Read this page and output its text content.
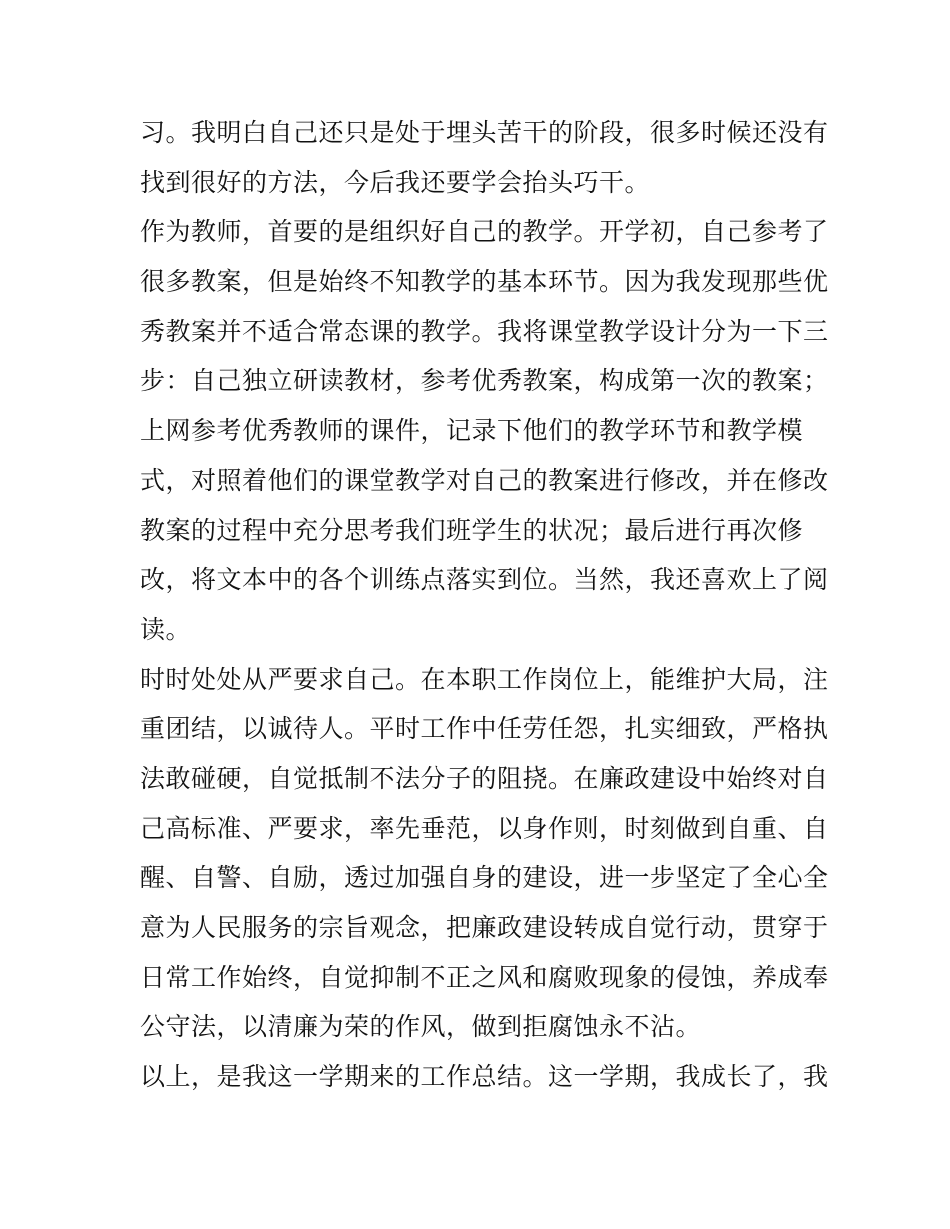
习。我明白自己还只是处于埋头苦干的阶段，很多时候还没有
找到很好的方法，今后我还要学会抬头巧干。
作为教师，首要的是组织好自己的教学。开学初，自己参考了
很多教案，但是始终不知教学的基本环节。因为我发现那些优
秀教案并不适合常态课的教学。我将课堂教学设计分为一下三
步：自己独立研读教材，参考优秀教案，构成第一次的教案；
上网参考优秀教师的课件，记录下他们的教学环节和教学模
式，对照着他们的课堂教学对自己的教案进行修改，并在修改
教案的过程中充分思考我们班学生的状况；最后进行再次修
改，将文本中的各个训练点落实到位。当然，我还喜欢上了阅
读。
时时处处从严要求自己。在本职工作岗位上，能维护大局，注
重团结，以诚待人。平时工作中任劳任怨，扎实细致，严格执
法敢碰硬，自觉抵制不法分子的阻挠。在廉政建设中始终对自
己高标准、严要求，率先垂范，以身作则，时刻做到自重、自
醒、自警、自励，透过加强自身的建设，进一步坚定了全心全
意为人民服务的宗旨观念，把廉政建设转成自觉行动，贯穿于
日常工作始终，自觉抑制不正之风和腐败现象的侵蚀，养成奉
公守法，以清廉为荣的作风，做到拒腐蚀永不沾。
以上，是我这一学期来的工作总结。这一学期，我成长了，我
